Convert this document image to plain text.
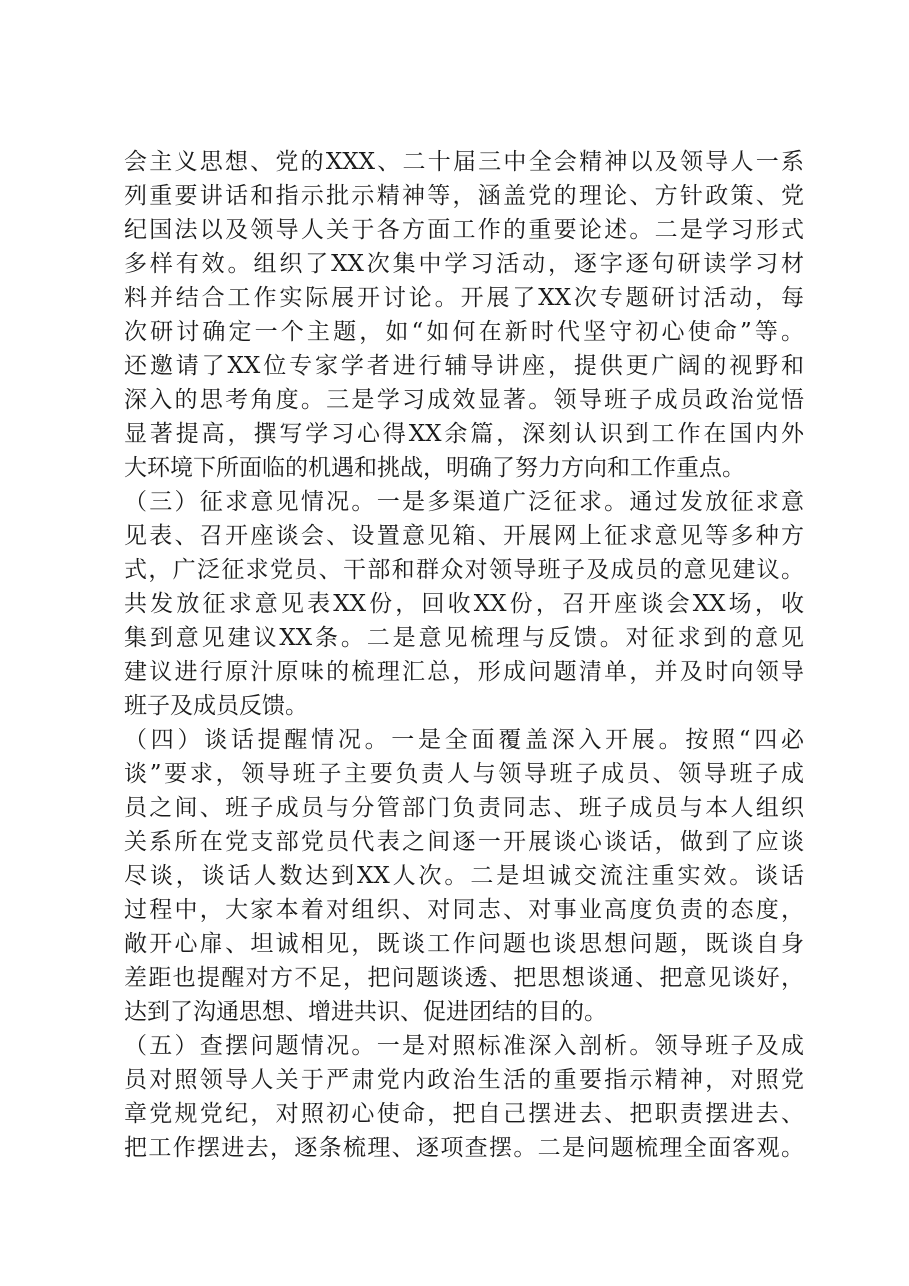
会主义思想、党的XXX、二十届三中全会精神以及领导人一系
列重要讲话和指示批示精神等，涵盖党的理论、方针政策、党
纪国法以及领导人关于各方面工作的重要论述。二是学习形式
多样有效。组织了XX次集中学习活动，逐字逐句研读学习材
料并结合工作实际展开讨论。开展了XX次专题研讨活动，每
次研讨确定一个主题，如“如何在新时代坚守初心使命”等。
还邀请了XX位专家学者进行辅导讲座，提供更广阔的视野和
深入的思考角度。三是学习成效显著。领导班子成员政治觉悟
显著提高，撰写学习心得XX余篇，深刻认识到工作在国内外
大环境下所面临的机遇和挑战，明确了努力方向和工作重点。
（三）征求意见情况。一是多渠道广泛征求。通过发放征求意
见表、召开座谈会、设置意见箱、开展网上征求意见等多种方
式，广泛征求党员、干部和群众对领导班子及成员的意见建议。
共发放征求意见表XX份，回收XX份，召开座谈会XX场，收
集到意见建议XX条。二是意见梳理与反馈。对征求到的意见
建议进行原汁原味的梳理汇总，形成问题清单，并及时向领导
班子及成员反馈。
（四）谈话提醒情况。一是全面覆盖深入开展。按照“四必
谈”要求，领导班子主要负责人与领导班子成员、领导班子成
员之间、班子成员与分管部门负责同志、班子成员与本人组织
关系所在党支部党员代表之间逐一开展谈心谈话，做到了应谈
尽谈，谈话人数达到XX人次。二是坦诚交流注重实效。谈话
过程中，大家本着对组织、对同志、对事业高度负责的态度，
敞开心扉、坦诚相见，既谈工作问题也谈思想问题，既谈自身
差距也提醒对方不足，把问题谈透、把思想谈通、把意见谈好，
达到了沟通思想、增进共识、促进团结的目的。
（五）查摆问题情况。一是对照标准深入剖析。领导班子及成
员对照领导人关于严肃党内政治生活的重要指示精神，对照党
章党规党纪，对照初心使命，把自己摆进去、把职责摆进去、
把工作摆进去，逐条梳理、逐项查摆。二是问题梳理全面客观。
